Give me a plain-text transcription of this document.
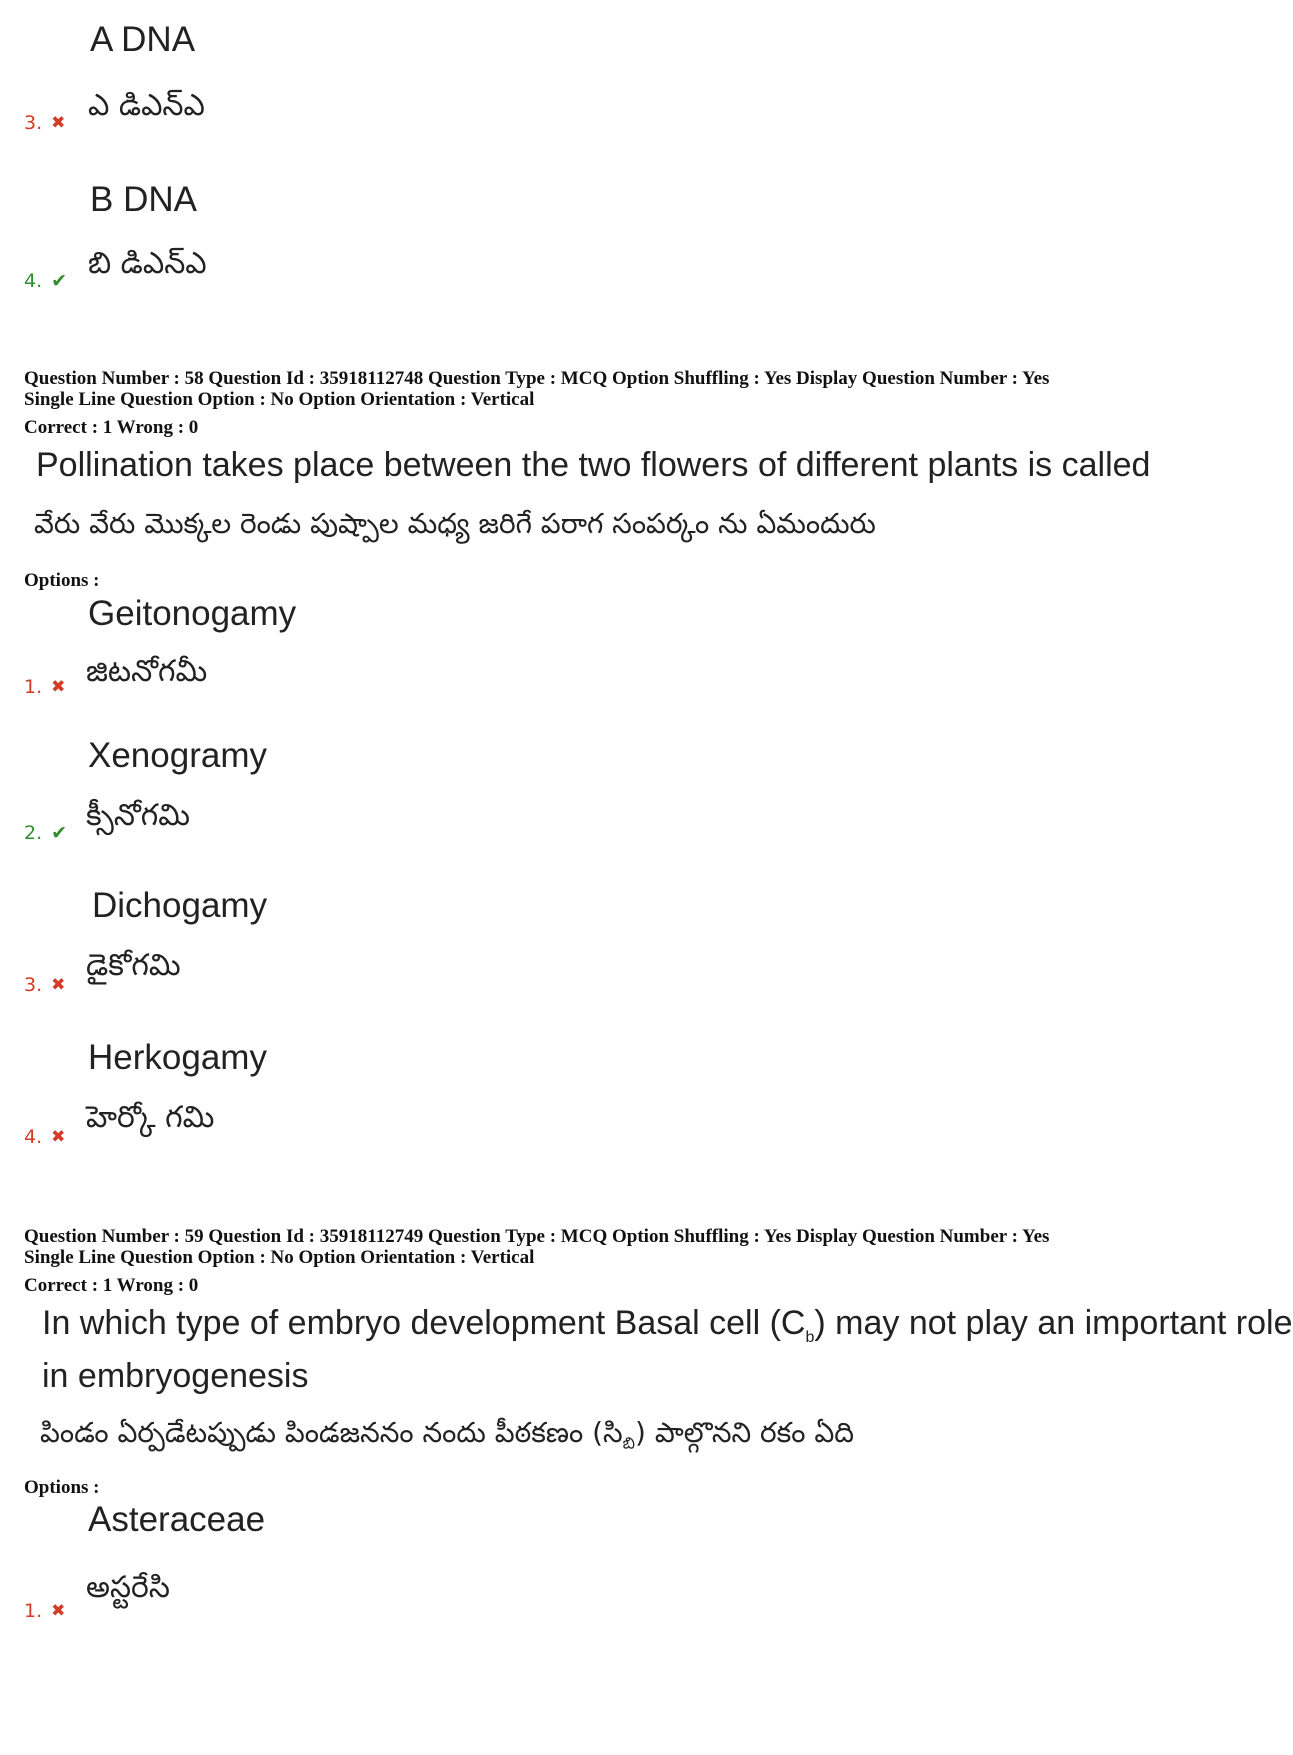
A DNA
3. ✖ ఎ డిఎన్ఎ
B DNA
4. ✔ బి డిఎన్ఎ
Question Number : 58 Question Id : 35918112748 Question Type : MCQ Option Shuffling : Yes Display Question Number : Yes
Single Line Question Option : No Option Orientation : Vertical
Correct : 1 Wrong : 0
Pollination takes place between the two flowers of different plants is called
వేరు వేరు మొక్కల రెండు పుష్పాల మధ్య జరిగే పరాగ సంపర్కం ను ఏమందురు
Options :
Geitonogamy
1. ✖ జిటనోగమీ
Xenogramy
2. ✔ క్సీనోగమి
Dichogamy
3. ✖
డైకోగమి
Herkogamy
4. ✖
హెర్కో గమి
Question Number : 59 Question Id : 35918112749 Question Type : MCQ Option Shuffling : Yes Display Question Number : Yes
Single Line Question Option : No Option Orientation : Vertical
Correct : 1 Wrong : 0
In which type of embryo development Basal cell $(C_b)$ may not play an important role
in embryogenesis
పిండం ఏర్పడేటప్పుడు పిండజననం నందు పీఠకణం $(సి_{బి})$ పాల్గొనని రకం ఏది
Options :
Asteraceae
1. ✖
అస్టరేసి
